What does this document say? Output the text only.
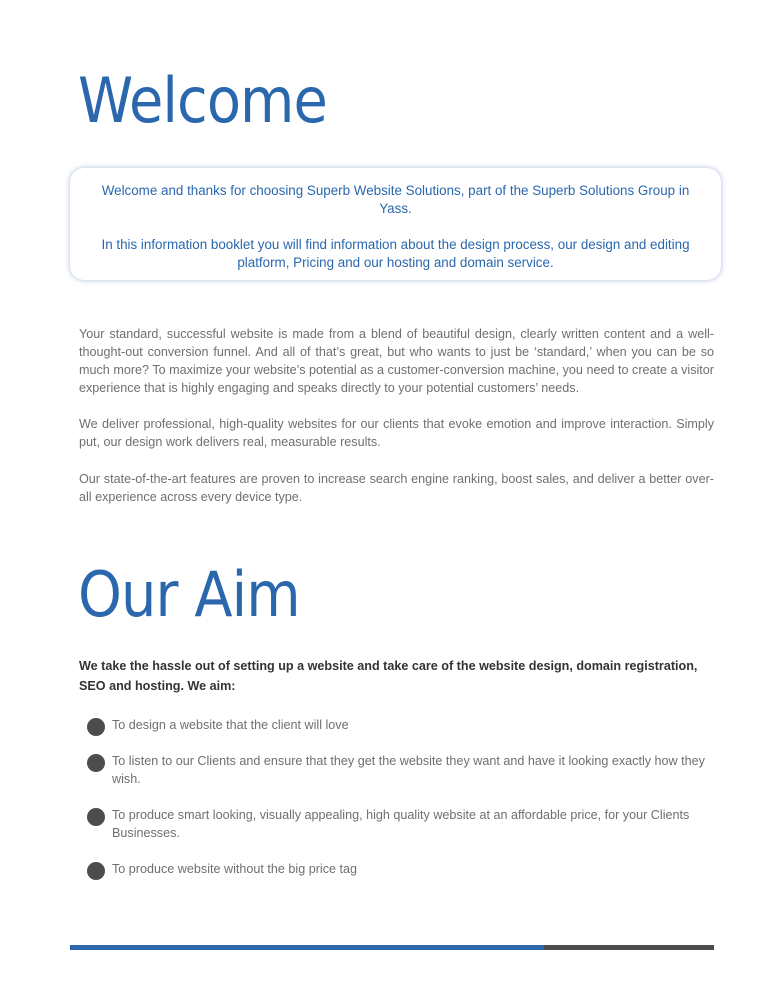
Welcome

Welcome and thanks for choosing Superb Website Solutions, part of the Superb Solutions Group in Yass.

In this information booklet you will find information about the design process, our design and editing platform, Pricing and our hosting and domain service.

Your standard, successful website is made from a blend of beautiful design, clearly written content and a well-thought-out conversion funnel. And all of that’s great, but who wants to just be ‘standard,’ when you can be so much more? To maximize your website’s potential as a customer-conversion machine, you need to create a visitor experience that is highly engaging and speaks directly to your potential customers’ needs.

We deliver professional, high-quality websites for our clients that evoke emotion and improve interaction. Simply put, our design work delivers real, measurable results.

Our state-of-the-art features are proven to increase search engine ranking, boost sales, and deliver a better over-all experience across every device type.

Our Aim

We take the hassle out of setting up a website and take care of the website design, domain registration, SEO and hosting. We aim:

To design a website that the client will love
To listen to our Clients and ensure that they get the website they want and have it looking exactly how they wish.
To produce smart looking, visually appealing, high quality website at an affordable price, for your Clients Businesses.
To produce website without the big price tag
